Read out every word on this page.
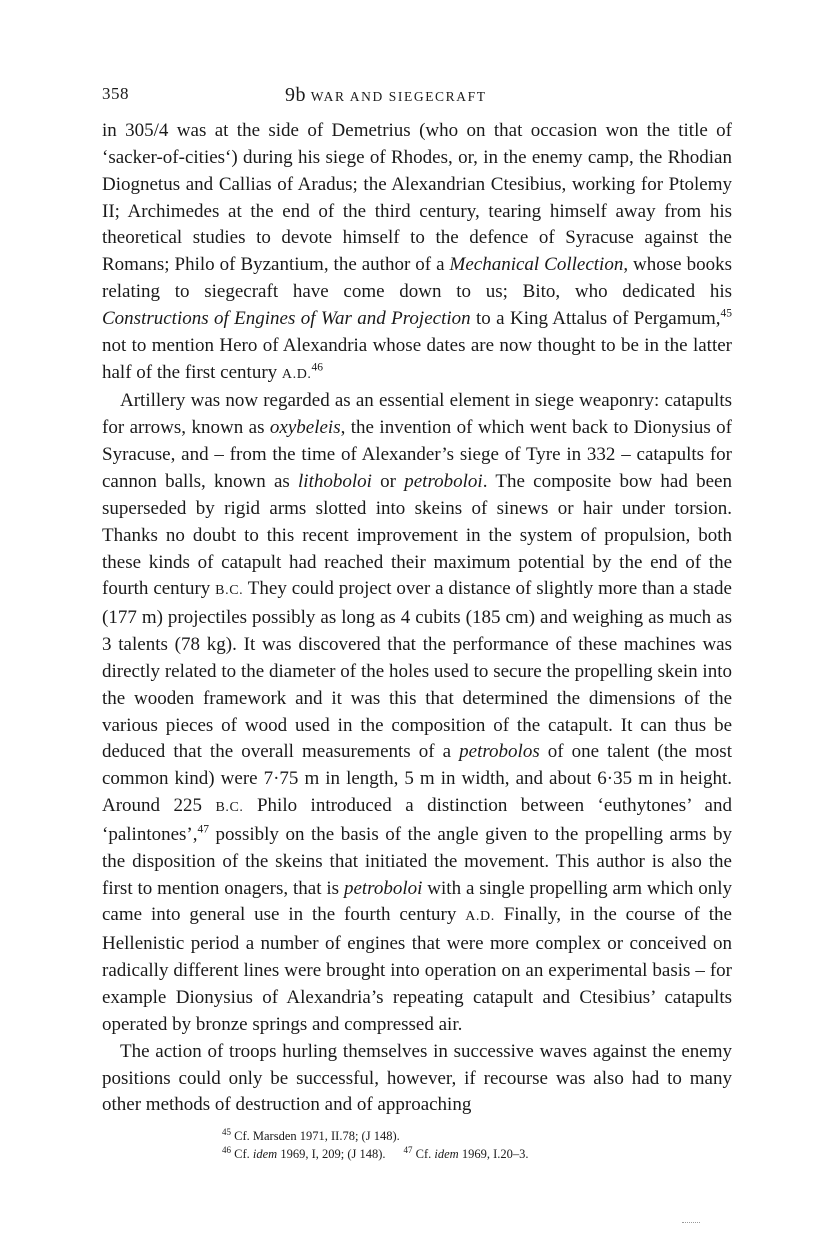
358	9b WAR AND SIEGECRAFT

in 305/4 was at the side of Demetrius (who on that occasion won the title of ‘sacker-of-cities‘) during his siege of Rhodes, or, in the enemy camp, the Rhodian Diognetus and Callias of Aradus; the Alexandrian Ctesibius, working for Ptolemy II; Archimedes at the end of the third century, tearing himself away from his theoretical studies to devote himself to the defence of Syracuse against the Romans; Philo of Byzantium, the author of a Mechanical Collection, whose books relating to siegecraft have come down to us; Bito, who dedicated his Constructions of Engines of War and Projection to a King Attalus of Pergamum,$^{45}$ not to mention Hero of Alexandria whose dates are now thought to be in the latter half of the first century A.D.$^{46}$

Artillery was now regarded as an essential element in siege weaponry: catapults for arrows, known as oxybeleis, the invention of which went back to Dionysius of Syracuse, and – from the time of Alexander’s siege of Tyre in 332 – catapults for cannon balls, known as lithoboloi or petroboloi. The composite bow had been superseded by rigid arms slotted into skeins of sinews or hair under torsion. Thanks no doubt to this recent improvement in the system of propulsion, both these kinds of catapult had reached their maximum potential by the end of the fourth century B.C. They could project over a distance of slightly more than a stade (177 m) projectiles possibly as long as 4 cubits (185 cm) and weighing as much as 3 talents (78 kg). It was discovered that the performance of these machines was directly related to the diameter of the holes used to secure the propelling skein into the wooden framework and it was this that determined the dimensions of the various pieces of wood used in the composition of the catapult. It can thus be deduced that the overall measurements of a petrobolos of one talent (the most common kind) were 7·75 m in length, 5 m in width, and about 6·35 m in height. Around 225 B.C. Philo introduced a distinction between ‘euthytones’ and ‘palintones’,$^{47}$ possibly on the basis of the angle given to the propelling arms by the disposition of the skeins that initiated the movement. This author is also the first to mention onagers, that is petroboloi with a single propelling arm which only came into general use in the fourth century A.D. Finally, in the course of the Hellenistic period a number of engines that were more complex or conceived on radically different lines were brought into operation on an experimental basis – for example Dionysius of Alexandria’s repeating catapult and Ctesibius’ catapults operated by bronze springs and compressed air.

The action of troops hurling themselves in successive waves against the enemy positions could only be successful, however, if recourse was also had to many other methods of destruction and of approaching

$^{45}$ Cf. Marsden 1971, II.78; (J 148).

$^{46}$ Cf. idem 1969, I, 209; (J 148). $^{47}$ Cf. idem 1969, I.20–3.
